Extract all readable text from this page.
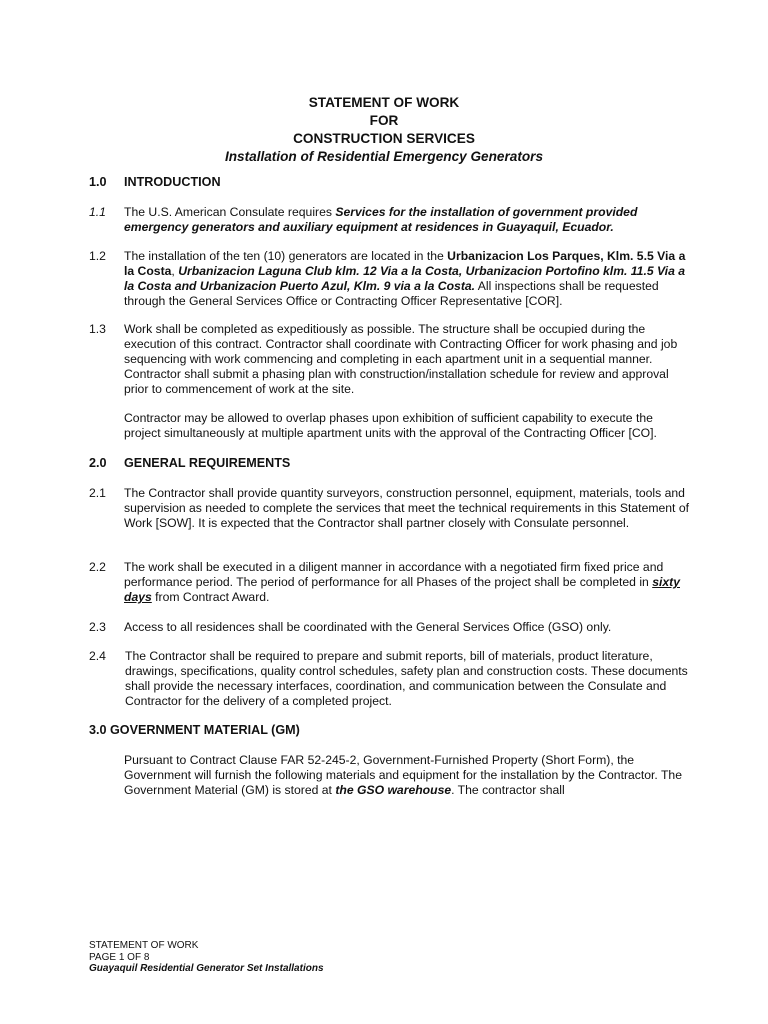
STATEMENT OF WORK
FOR
CONSTRUCTION SERVICES
Installation of Residential Emergency Generators
1.0 INTRODUCTION
1.1 The U.S. American Consulate requires Services for the installation of government provided emergency generators and auxiliary equipment at residences in Guayaquil, Ecuador.
1.2 The installation of the ten (10) generators are located in the Urbanizacion Los Parques, Klm. 5.5 Via a la Costa, Urbanizacion Laguna Club klm. 12 Via a la Costa, Urbanizacion Portofino klm. 11.5 Via a la Costa and Urbanizacion Puerto Azul, Klm. 9 via a la Costa. All inspections shall be requested through the General Services Office or Contracting Officer Representative [COR].
1.3 Work shall be completed as expeditiously as possible. The structure shall be occupied during the execution of this contract. Contractor shall coordinate with Contracting Officer for work phasing and job sequencing with work commencing and completing in each apartment unit in a sequential manner. Contractor shall submit a phasing plan with construction/installation schedule for review and approval prior to commencement of work at the site.
Contractor may be allowed to overlap phases upon exhibition of sufficient capability to execute the project simultaneously at multiple apartment units with the approval of the Contracting Officer [CO].
2.0 GENERAL REQUIREMENTS
2.1 The Contractor shall provide quantity surveyors, construction personnel, equipment, materials, tools and supervision as needed to complete the services that meet the technical requirements in this Statement of Work [SOW]. It is expected that the Contractor shall partner closely with Consulate personnel.
2.2 The work shall be executed in a diligent manner in accordance with a negotiated firm fixed price and performance period. The period of performance for all Phases of the project shall be completed in sixty days from Contract Award.
2.3 Access to all residences shall be coordinated with the General Services Office (GSO) only.
2.4 The Contractor shall be required to prepare and submit reports, bill of materials, product literature, drawings, specifications, quality control schedules, safety plan and construction costs. These documents shall provide the necessary interfaces, coordination, and communication between the Consulate and Contractor for the delivery of a completed project.
3.0 GOVERNMENT MATERIAL (GM)
Pursuant to Contract Clause FAR 52-245-2, Government-Furnished Property (Short Form), the Government will furnish the following materials and equipment for the installation by the Contractor. The Government Material (GM) is stored at the GSO warehouse. The contractor shall
STATEMENT OF WORK
PAGE 1 OF 8
Guayaquil Residential Generator Set Installations
